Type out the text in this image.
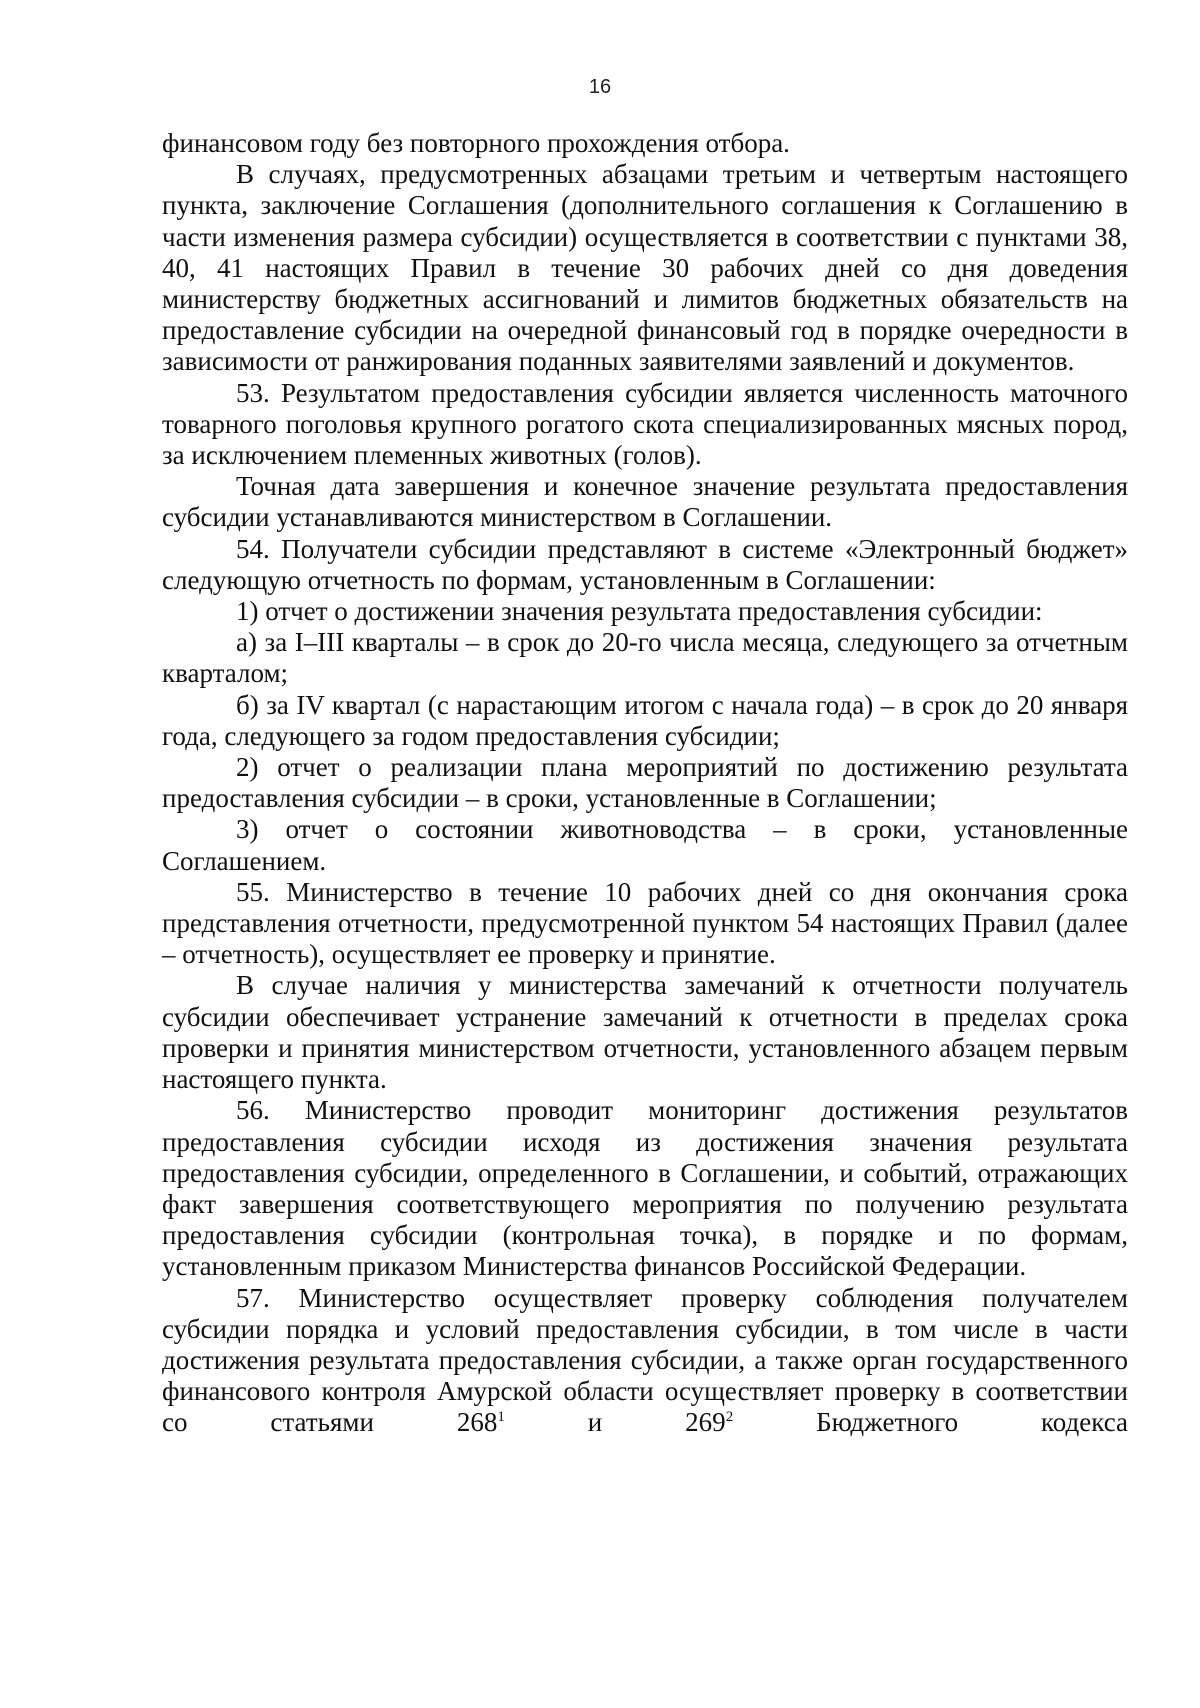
16

финансовом году без повторного прохождения отбора.

В случаях, предусмотренных абзацами третьим и четвертым настоящего пункта, заключение Соглашения (дополнительного соглашения к Соглашению в части изменения размера субсидии) осуществляется в соответствии с пунктами 38, 40, 41 настоящих Правил в течение 30 рабочих дней со дня доведения министерству бюджетных ассигнований и лимитов бюджетных обязательств на предоставление субсидии на очередной финансовый год в порядке очередности в зависимости от ранжирования поданных заявителями заявлений и документов.

53. Результатом предоставления субсидии является численность маточного товарного поголовья крупного рогатого скота специализированных мясных пород, за исключением племенных животных (голов).

Точная дата завершения и конечное значение результата предоставления субсидии устанавливаются министерством в Соглашении.

54. Получатели субсидии представляют в системе «Электронный бюджет» следующую отчетность по формам, установленным в Соглашении:

1) отчет о достижении значения результата предоставления субсидии:

а) за I–III кварталы – в срок до 20-го числа месяца, следующего за отчетным кварталом;

б) за IV квартал (с нарастающим итогом с начала года) – в срок до 20 января года, следующего за годом предоставления субсидии;

2) отчет о реализации плана мероприятий по достижению результата предоставления субсидии – в сроки, установленные в Соглашении;

3) отчет о состоянии животноводства – в сроки, установленные Соглашением.

55. Министерство в течение 10 рабочих дней со дня окончания срока представления отчетности, предусмотренной пунктом 54 настоящих Правил (далее – отчетность), осуществляет ее проверку и принятие.

В случае наличия у министерства замечаний к отчетности получатель субсидии обеспечивает устранение замечаний к отчетности в пределах срока проверки и принятия министерством отчетности, установленного абзацем первым настоящего пункта.

56. Министерство проводит мониторинг достижения результатов предоставления субсидии исходя из достижения значения результата предоставления субсидии, определенного в Соглашении, и событий, отражающих факт завершения соответствующего мероприятия по получению результата предоставления субсидии (контрольная точка), в порядке и по формам, установленным приказом Министерства финансов Российской Федерации.

57. Министерство осуществляет проверку соблюдения получателем субсидии порядка и условий предоставления субсидии, в том числе в части достижения результата предоставления субсидии, а также орган государственного финансового контроля Амурской области осуществляет проверку в соответствии со статьями $268^1$ и $269^2$ Бюджетного кодекса
